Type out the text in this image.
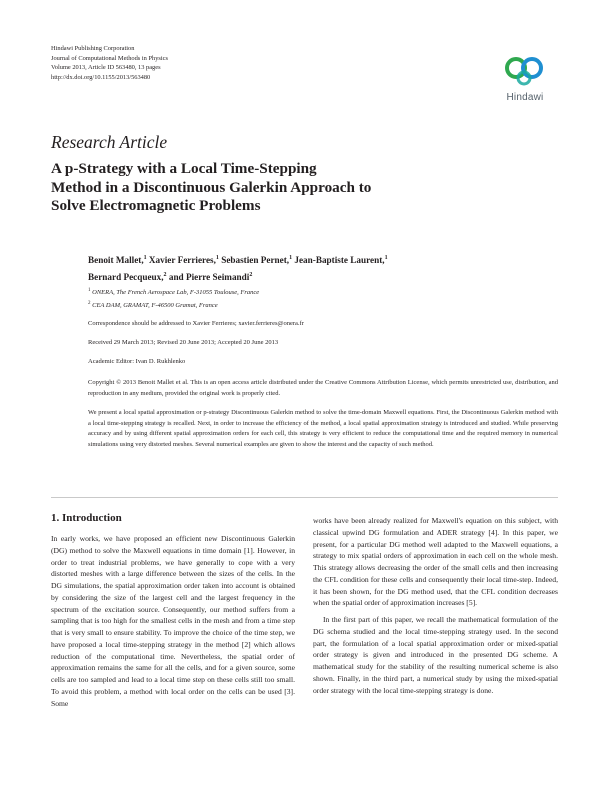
Hindawi Publishing Corporation
Journal of Computational Methods in Physics
Volume 2013, Article ID 563480, 13 pages
http://dx.doi.org/10.1155/2013/563480
Hindawi
Research Article
A p-Strategy with a Local Time-Stepping
Method in a Discontinuous Galerkin Approach to
Solve Electromagnetic Problems
Benoit Mallet,$^1$ Xavier Ferrieres,$^1$ Sebastien Pernet,$^1$ Jean-Baptiste Laurent,$^1$
Bernard Pecqueux,$^2$ and Pierre Seimandi$^2$
$^1$ ONERA, The French Aerospace Lab, F-31055 Toulouse, France
$^2$ CEA DAM, GRAMAT, F-46500 Gramat, France
Correspondence should be addressed to Xavier Ferrieres; xavier.ferrieres@onera.fr
Received 29 March 2013; Revised 20 June 2013; Accepted 20 June 2013
Academic Editor: Ivan D. Rukhlenko
Copyright © 2013 Benoit Mallet et al. This is an open access article distributed under the Creative Commons Attribution License, which permits unrestricted use, distribution, and reproduction in any medium, provided the original work is properly cited.
We present a local spatial approximation or p-strategy Discontinuous Galerkin method to solve the time-domain Maxwell equations. First, the Discontinuous Galerkin method with a local time-stepping strategy is recalled. Next, in order to increase the efficiency of the method, a local spatial approximation strategy is introduced and studied. While preserving accuracy and by using different spatial approximation orders for each cell, this strategy is very efficient to reduce the computational time and the required memory in numerical simulations using very distorted meshes. Several numerical examples are given to show the interest and the capacity of such method.
1. Introduction

In early works, we have proposed an efficient new Discontinuous Galerkin (DG) method to solve the Maxwell equations in time domain [1]. However, in order to treat industrial problems, we have generally to cope with a very distorted meshes with a large difference between the sizes of the cells. In the DG simulations, the spatial approximation order taken into account is obtained by considering the size of the largest cell and the largest frequency in the spectrum of the excitation source. Consequently, our method suffers from a sampling that is too high for the smallest cells in the mesh and from a time step that is very small to ensure stability. To improve the choice of the time step, we have proposed a local time-stepping strategy in the method [2] which allows reduction of the computational time. Nevertheless, the spatial order of approximation remains the same for all the cells, and for a given source, some cells are too sampled and lead to a local time step on these cells still too small. To avoid this problem, a method with local order on the cells can be used [3]. Some

works have been already realized for Maxwell's equation on this subject, with classical upwind DG formulation and ADER strategy [4]. In this paper, we present, for a particular DG method well adapted to the Maxwell equations, a strategy to mix spatial orders of approximation in each cell on the whole mesh. This strategy allows decreasing the order of the small cells and then increasing the CFL condition for these cells and consequently their local time-step. Indeed, it has been shown, for the DG method used, that the CFL condition decreases when the spatial order of approximation increases [5].

In the first part of this paper, we recall the mathematical formulation of the DG schema studied and the local time-stepping strategy used. In the second part, the formulation of a local spatial approximation order or mixed-spatial order strategy is given and introduced in the presented DG scheme. A mathematical study for the stability of the resulting numerical scheme is also shown. Finally, in the third part, a numerical study by using the mixed-spatial order strategy with the local time-stepping strategy is done.
